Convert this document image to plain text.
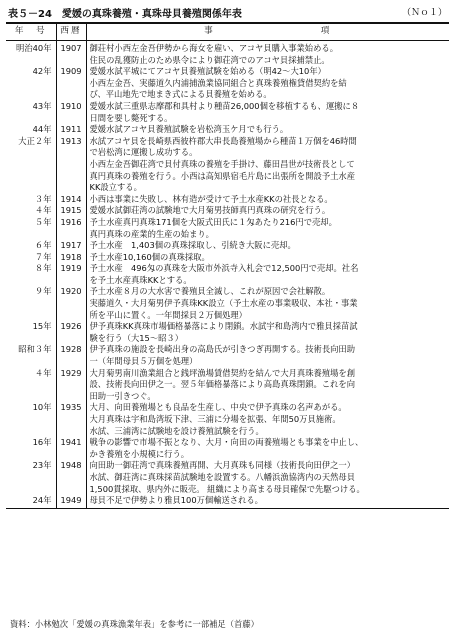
表５－24　愛媛の真珠養殖・真珠母貝養殖関係年表	（Ｎｏ１）
年　号	西暦	事　　　　　　　　　　項
明治40年	1907	御荘村小西左金吾伊勢から海女を雇い、アコヤ貝購入事業始める。
住民の乱獲防止のため県令により御荘湾でのアコヤ貝採捕禁止。

42年	1909	愛媛水試平城にてアコヤ貝養殖試験を始める（明42～大10年）

		小西左金吾、実藤道久内浦捕漁業協同組合と真珠養殖権貸借契約を結
び、平山地先で地まき式による貝養殖を始める。

43年	1910	愛媛水試三重県志摩郡和具村より種苗26,000個を移植するも、運搬に８
日間を要し斃死する。

44年	1911	愛媛水試アコヤ貝養殖試験を岩松湾玉ケ月でも行う。

大正２年	1913	水試アコヤ貝を長崎県西彼杵郡大串長島養殖場から種苗１万個を46時間
で岩松湾に運搬し成功する。
小西左金吾御荘湾で貝付真珠の養殖を手掛け、藤田昌世が技術長として
真円真珠の養殖を行う。小西は高知県宿毛片島に出張所を開設予土水産
KK設立する。

３年	1914	小西は事業に失敗し、林有造が受けて予土水産KKの社長となる。

４年	1915	愛媛水試御荘湾の試験地で大月菊男技師真円真珠の研究を行う。

５年	1916	予土水産真円真珠171個を大阪式田氏に１匁あたり216円で売却。
真円真珠の産業的生産の始まり。

６年	1917	予土水産　1,403個の真珠採取し、引続き大阪に売却。

７年	1918	予土水産10,160個の真珠採取。

８年	1919	予土水産　496匁の真珠を大阪市外浜寺入札会で12,500円で売却。社名
を予土水産真珠KKとする。

９年	1920	予土水産８月の大水害で養殖貝全滅し、これが原因で会社解散。
実藤道久・大月菊男伊予真珠KK設立（予土水産の事業吸収、本社・事業
所を平山に置く。一年間採貝２万個処理）

15年	1926	伊予真珠KK真珠市場価格暴落により閉鎖。水試宇和島湾内で雅貝採苗試
験を行う（大15～昭３）

昭和３年	1928	伊予真珠の施設を長崎出身の高島氏が引きつぎ再開する。技術長向田助
一（年間母貝５万個を処理）

４年	1929	大月菊男南川漁業組合と銭坪漁場賃借契約を結んで大月真珠養殖場を創
設、技術長向田伊之一。翌５年価格暴落により高島真珠閉鎖。これを向
田助一引きつぐ。

10年	1935	大月、向田養殖場とも良品を生産し、中央で伊予真珠の名声あがる。
大月真珠は宇和島湾坂下津、三浦に分場を拡張、年間50万貝施術。
水試、三浦湾に試験地を設け養殖試験を行う。

16年	1941	戦争の影響で市場不振となり、大月・向田の両養殖場とも事業を中止し、
かき養殖を小規模に行う。

23年	1948	向田助一御荘湾で真珠養殖再開、大月真珠も同様（技術長向田伊之一）
水試、御荘湾に真珠採苗試験地を設置する。八幡浜漁協湾内の天然母貝
1,500貫採取、県内外に販売。 組織により高まる母貝確保で先駆つける。

24年	1949	母貝不足で伊勢より雅貝100万個輸送される。
資料：小林勉次「愛媛の真珠漁業年表」を参考に一部補足（首藤）
